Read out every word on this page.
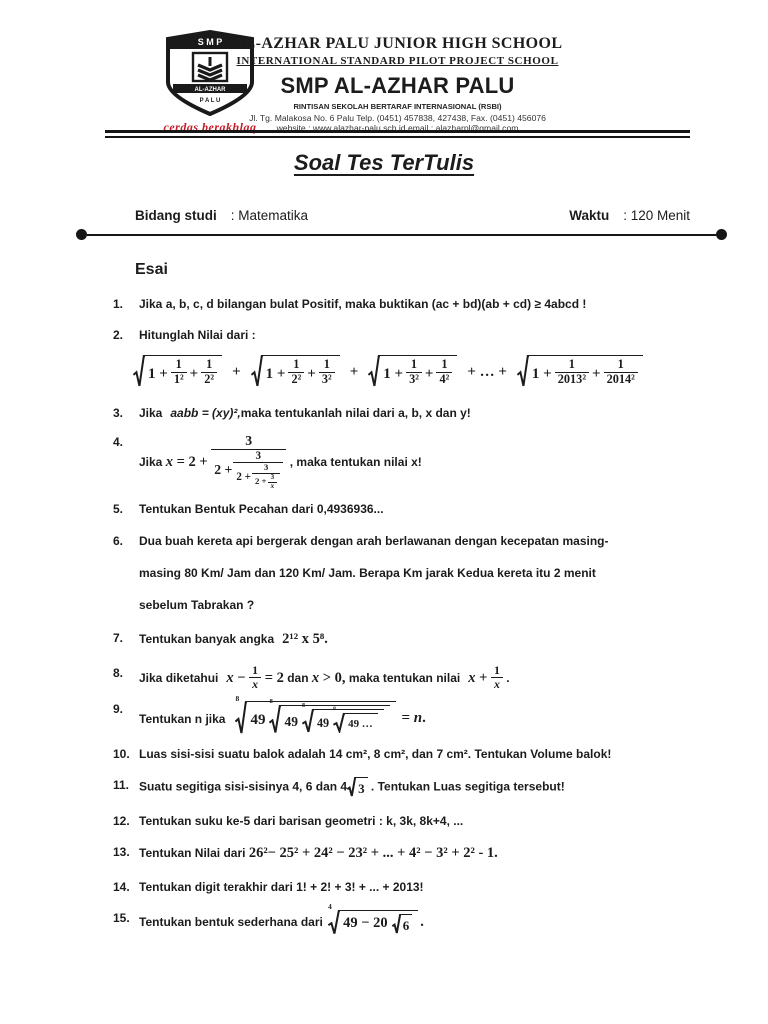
S M P
AL-AZHAR
P A L U
cerdas berakhlaq
AL-AZHAR PALU JUNIOR HIGH SCHOOL
INTERNATIONAL STANDARD PILOT PROJECT SCHOOL
SMP AL-AZHAR PALU
RINTISAN SEKOLAH BERTARAF INTERNASIONAL (RSBI)
Jl. Tg. Malakosa No. 6 Palu Telp. (0451) 457838, 427438, Fax. (0451) 456076
website : www.alazhar-palu.sch.id email : alazharpl@gmail.com
Soal Tes TerTulis
Bidang studi : Matematika	Waktu : 120 Menit
Esai
1.	Jika a, b, c, d bilangan bulat Positif, maka buktikan (ac + bd)(ab + cd) ≥ 4abcd !
2.	Hitunglah Nilai dari :
$1 + \frac{1}{\text{1²}} + \frac{1}{\text{2²}} + 1 + \frac{1}{\text{2²}} + \frac{1}{\text{3²}} + 1 + \frac{1}{\text{3²}} + \frac{1}{\text{4²}}$ + … + $1 + \frac{1}{\text{2013²}} + \frac{1}{\text{2014²}}$
3.	Jika aabb = (xy)²,maka tentukanlah nilai dari a, b, x dan y!
4.
Jika x = 2 +
3
2 +
3
$2 + \frac{3}{2 + \frac{3}{x}}$
, maka tentukan nilai x!
5.	Tentukan Bentuk Pecahan dari 0,4936936...
6.	Dua buah kereta api bergerak dengan arah berlawanan dengan kecepatan masing-
masing 80 Km/ Jam dan 120 Km/ Jam. Berapa Km jarak Kedua kereta itu 2 menit
sebelum Tabrakan ?
7.	Tentukan banyak angka 2¹² x 5⁸.
8.	Jika diketahui $x - \frac{1}{x} = 2$ dan x > 0, maka tentukan nilai $x + \frac{1}{x}$ .
9.
Tentukan n jika
8
49
8
49
8
49
8
49 … = n.
10. Luas sisi-sisi suatu balok adalah 14 cm², 8 cm², dan 7 cm². Tentukan Volume balok!
11. Suatu segitiga sisi-sisinya 4, 6 dan 4 3 . Tentukan Luas segitiga tersebut!
12. Tentukan suku ke-5 dari barisan geometri : k, 3k, 8k+4, ...
13. Tentukan Nilai dari 26²− 25² + 24² − 23² + ... + 4² − 3² + 2² - 1.
14. Tentukan digit terakhir dari 1! + 2! + 3! + ... + 2013!
15. Tentukan bentuk sederhana dari
4
49 − 20 6 .
